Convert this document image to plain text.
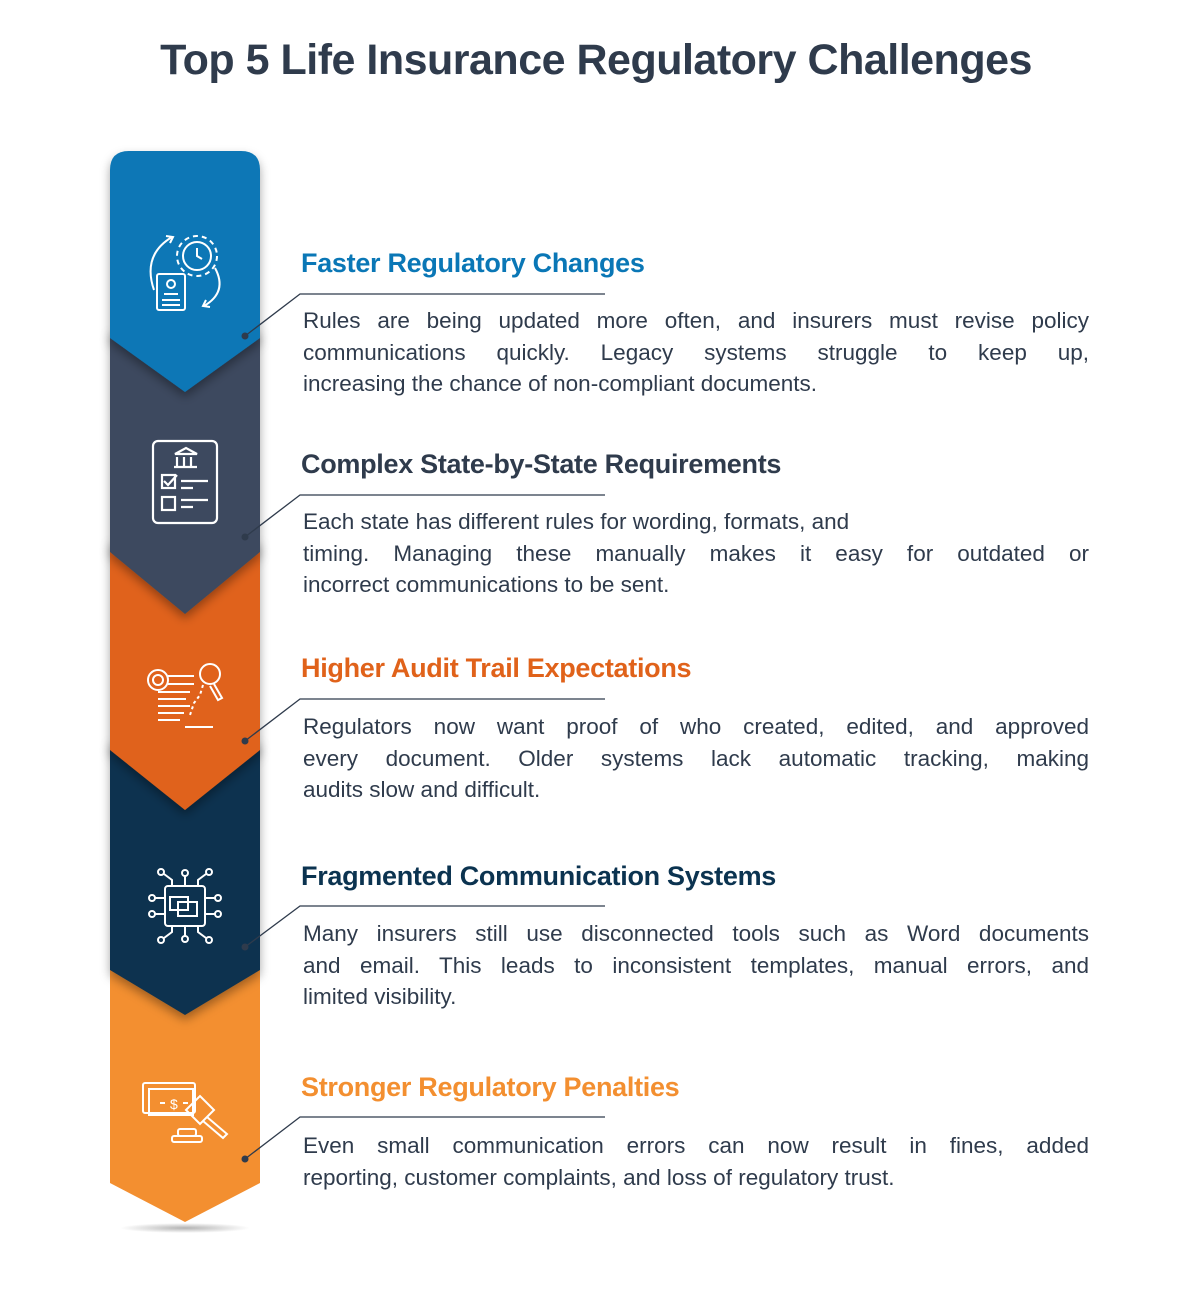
Top 5 Life Insurance Regulatory Challenges
$
Faster Regulatory Changes
Rules are being updated more often, and insurers must revise policy
communications quickly. Legacy systems struggle to keep up,
increasing the chance of non-compliant documents.
Complex State-by-State Requirements
Each state has different rules for wording, formats, and
timing. Managing these manually makes it easy for outdated or
incorrect communications to be sent.
Higher Audit Trail Expectations
Regulators now want proof of who created, edited, and approved
every document. Older systems lack automatic tracking, making
audits slow and difficult.
Fragmented Communication Systems
Many insurers still use disconnected tools such as Word documents
and email. This leads to inconsistent templates, manual errors, and
limited visibility.
Stronger Regulatory Penalties
Even small communication errors can now result in fines, added
reporting, customer complaints, and loss of regulatory trust.
